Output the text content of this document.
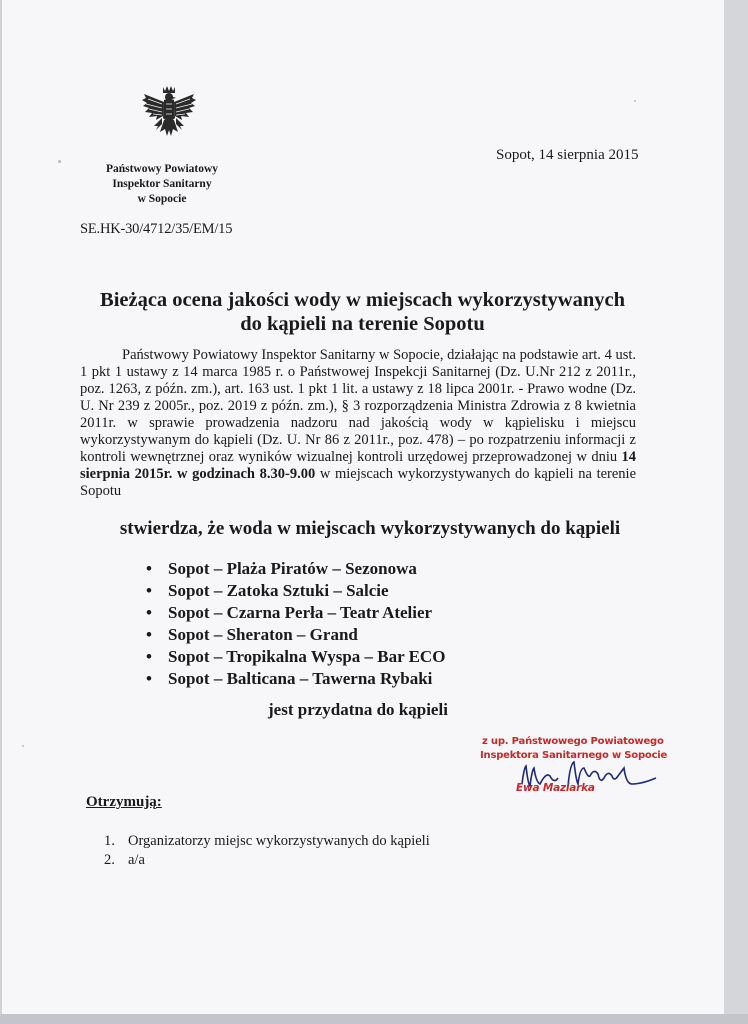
Państwowy Powiatowy
Inspektor Sanitarny
w Sopocie
Sopot, 14 sierpnia 2015
SE.HK-30/4712/35/EM/15
Bieżąca ocena jakości wody w miejscach wykorzystywanych
do kąpieli na terenie Sopotu
Państwowy Powiatowy Inspektor Sanitarny w Sopocie, działając na podstawie art. 4 ust. 1 pkt 1 ustawy z 14 marca 1985 r. o Państwowej Inspekcji Sanitarnej (Dz. U.Nr 212 z 2011r., poz. 1263, z późn. zm.), art. 163 ust. 1 pkt 1 lit. a ustawy z 18 lipca 2001r. - Prawo wodne (Dz. U. Nr 239 z 2005r., poz. 2019 z późn. zm.), § 3 rozporządzenia Ministra Zdrowia z 8 kwietnia 2011r. w sprawie prowadzenia nadzoru nad jakością wody w kąpielisku i miejscu wykorzystywanym do kąpieli (Dz. U. Nr 86 z 2011r., poz. 478) – po rozpatrzeniu informacji z kontroli wewnętrznej oraz wyników wizualnej kontroli urzędowej przeprowadzonej w dniu 14 sierpnia 2015r. w godzinach 8.30-9.00 w miejscach wykorzystywanych do kąpieli na terenie Sopotu
stwierdza, że woda w miejscach wykorzystywanych do kąpieli
• Sopot – Plaża Piratów – Sezonowa
• Sopot – Zatoka Sztuki – Salcie
• Sopot – Czarna Perła – Teatr Atelier
• Sopot – Sheraton – Grand
• Sopot – Tropikalna Wyspa – Bar ECO
• Sopot – Balticana – Tawerna Rybaki
jest przydatna do kąpieli
z up. Państwowego Powiatowego
Inspektora Sanitarnego w Sopocie
Ewa Maziarka
Otrzymują:
1. Organizatorzy miejsc wykorzystywanych do kąpieli
2. a/a
